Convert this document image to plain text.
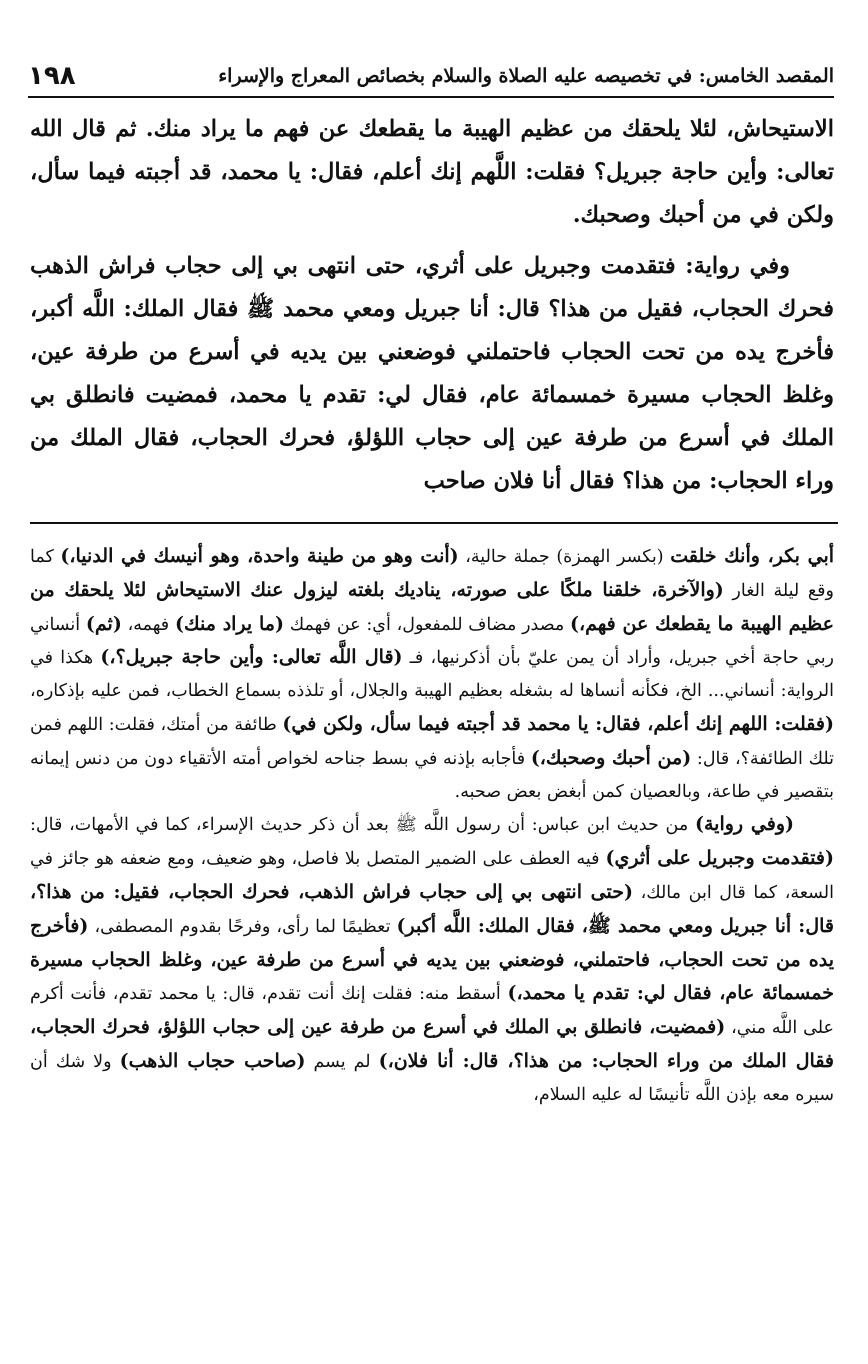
١٩٨	المقصد الخامس: في تخصيصه عليه الصلاة والسلام بخصائص المعراج والإسراء

الاستيحاش، لئلا يلحقك من عظيم الهيبة ما يقطعك عن فهم ما يراد منك. ثم قال الله تعالى: وأين حاجة جبريل؟ فقلت: اللَّهم إنك أعلم، فقال: يا محمد، قد أجبته فيما سأل، ولكن في من أحبك وصحبك.

وفي رواية: فتقدمت وجبريل على أثري، حتى انتهى بي إلى حجاب فراش الذهب فحرك الحجاب، فقيل من هذا؟ قال: أنا جبريل ومعي محمد ﷺ فقال الملك: اللَّه أكبر، فأخرج يده من تحت الحجاب فاحتملني فوضعني بين يديه في أسرع من طرفة عين، وغلظ الحجاب مسيرة خمسمائة عام، فقال لي: تقدم يا محمد، فمضيت فانطلق بي الملك في أسرع من طرفة عين إلى حجاب اللؤلؤ، فحرك الحجاب، فقال الملك من وراء الحجاب: من هذا؟ فقال أنا فلان صاحب

أبي بكر، وأنك خلقت (بكسر الهمزة) جملة حالية، (أنت وهو من طينة واحدة، وهو أنيسك في الدنيا،) كما وقع ليلة الغار (والآخرة، خلقنا ملكًا على صورته، يناديك بلغته ليزول عنك الاستيحاش لئلا يلحقك من عظيم الهيبة ما يقطعك عن فهم،) مصدر مضاف للمفعول، أي: عن فهمك (ما يراد منك) فهمه، (ثم) أنساني ربي حاجة أخي جبريل، وأراد أن يمن عليّ بأن أذكرنيها، فـ (قال اللَّه تعالى: وأين حاجة جبريل؟،) هكذا في الرواية: أنساني... الخ، فكأنه أنساها له بشغله بعظيم الهيبة والجلال، أو تلذذه بسماع الخطاب، فمن عليه بإذكاره، (فقلت: اللهم إنك أعلم، فقال: يا محمد قد أجبته فيما سأل، ولكن في) طائفة من أمتك، فقلت: اللهم فمن تلك الطائفة؟، قال: (من أحبك وصحبك،) فأجابه بإذنه في بسط جناحه لخواص أمته الأتقياء دون من دنس إيمانه بتقصير في طاعة، وبالعصيان كمن أبغض بعض صحبه.

(وفي رواية) من حديث ابن عباس: أن رسول اللَّه ﷺ بعد أن ذكر حديث الإسراء، كما في الأمهات، قال: (فتقدمت وجبريل على أثري) فيه العطف على الضمير المتصل بلا فاصل، وهو ضعيف، ومع ضعفه هو جائز في السعة، كما قال ابن مالك، (حتى انتهى بي إلى حجاب فراش الذهب، فحرك الحجاب، فقيل: من هذا؟، قال: أنا جبريل ومعي محمد ﷺ، فقال الملك: اللَّه أكبر) تعظيمًا لما رأى، وفرحًا بقدوم المصطفى، (فأخرج يده من تحت الحجاب، فاحتملني، فوضعني بين يديه في أسرع من طرفة عين، وغلظ الحجاب مسيرة خمسمائة عام، فقال لي: تقدم يا محمد،) أسقط منه: فقلت إنك أنت تقدم، قال: يا محمد تقدم، فأنت أكرم على اللَّه مني، (فمضيت، فانطلق بي الملك في أسرع من طرفة عين إلى حجاب اللؤلؤ، فحرك الحجاب، فقال الملك من وراء الحجاب: من هذا؟، قال: أنا فلان،) لم يسم (صاحب حجاب الذهب) ولا شك أن سيره معه بإذن اللَّه تأنيسًا له عليه السلام،
